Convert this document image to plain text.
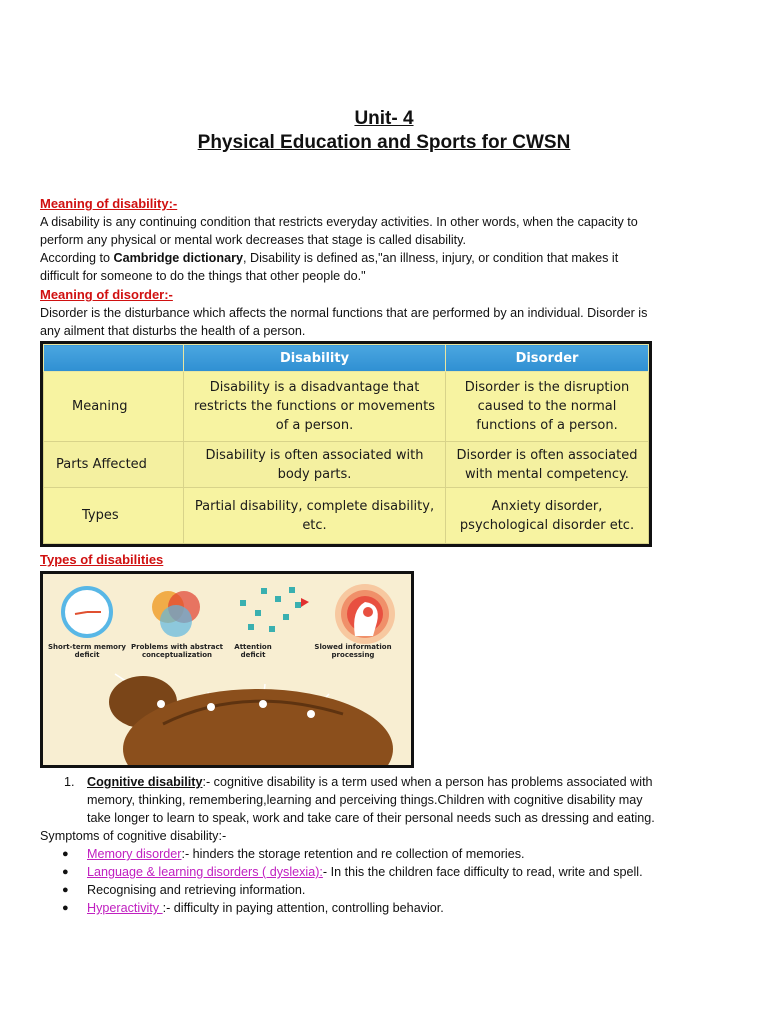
Unit- 4
Physical Education and Sports for CWSN
Meaning of disability:-
A disability is any continuing condition that restricts everyday activities. In other words, when the capacity to
perform any physical or mental work decreases that stage is called disability.
According to Cambridge dictionary, Disability is defined as,"an illness, injury, or condition that makes it
difficult for someone to do the things that other people do."
Meaning of disorder:-
Disorder is the disturbance which affects the normal functions that are performed by an individual. Disorder is
any ailment that disturbs the health of a person.
	Disability	Disorder
Meaning	Disability is a disadvantage that restricts the functions or movements of a person.	Disorder is the disruption caused to the normal functions of a person.
Parts Affected	Disability is often associated with body parts.	Disorder is often associated with mental competency.
Types	Partial disability, complete disability, etc.	Anxiety disorder, psychological disorder etc.
Types of disabilities
Short-term memory deficit
Problems with abstract conceptualization
Attention deficit
Slowed information processing
1. Cognitive disability:- cognitive disability is a term used when a person has problems associated with
memory, thinking, remembering,learning and perceiving things.Children with cognitive disability may
take longer to learn to speak, work and take care of their personal needs such as dressing and eating.
Symptoms of cognitive disability:-
● Memory disorder:- hinders the storage retention and re collection of memories.
● Language & learning disorders ( dyslexia):- In this the children face difficulty to read, write and spell.
● Recognising and retrieving information.
● Hyperactivity :- difficulty in paying attention, controlling behavior.
